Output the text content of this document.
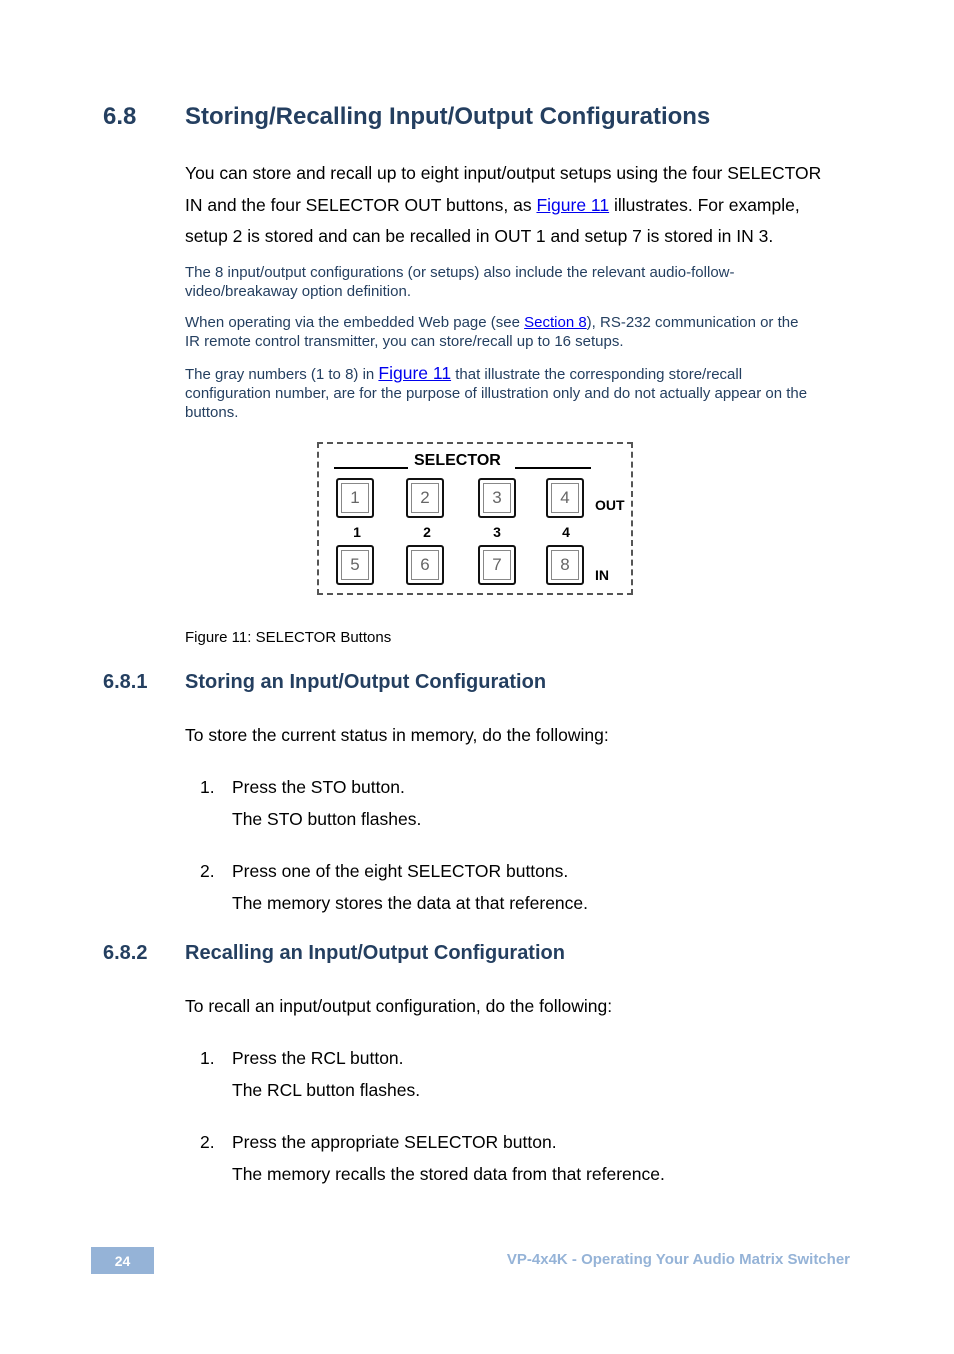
6.8 Storing/Recalling Input/Output Configurations
You can store and recall up to eight input/output setups using the four SELECTOR
IN and the four SELECTOR OUT buttons, as Figure 11 illustrates. For example,
setup 2 is stored and can be recalled in OUT 1 and setup 7 is stored in IN 3.
The 8 input/output configurations (or setups) also include the relevant audio-follow-
video/breakaway option definition.
When operating via the embedded Web page (see Section 8), RS-232 communication or the
IR remote control transmitter, you can store/recall up to 16 setups.
The gray numbers (1 to 8) in Figure 11 that illustrate the corresponding store/recall
configuration number, are for the purpose of illustration only and do not actually appear on the
buttons.
SELECTOR
1	2	3	4	OUT
1	2	3	4
5	6	7	8
IN
Figure 11: SELECTOR Buttons
6.8.1 Storing an Input/Output Configuration
To store the current status in memory, do the following:
1. Press the STO button.
The STO button flashes.
2. Press one of the eight SELECTOR buttons.
The memory stores the data at that reference.
6.8.2 Recalling an Input/Output Configuration
To recall an input/output configuration, do the following:
1. Press the RCL button.
The RCL button flashes.
2. Press the appropriate SELECTOR button.
The memory recalls the stored data from that reference.
24	VP-4x4K - Operating Your Audio Matrix Switcher
